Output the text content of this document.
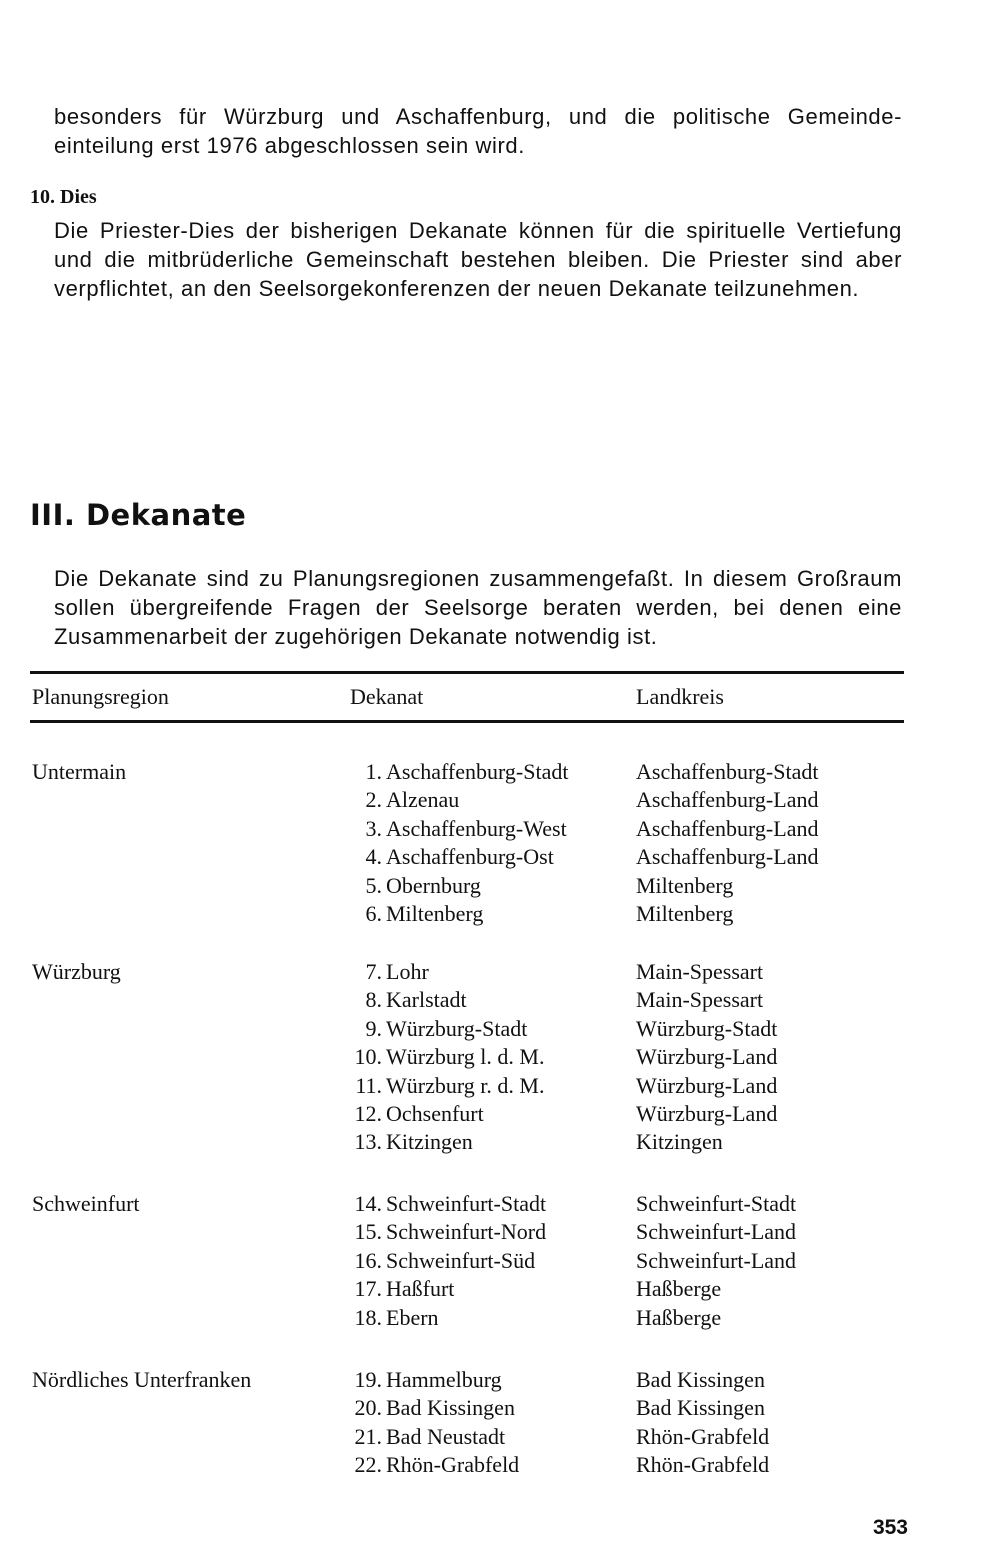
besonders für Würzburg und Aschaffenburg, und die politische Gemeinde-einteilung erst 1976 abgeschlossen sein wird.
10. Dies
Die Priester-Dies der bisherigen Dekanate können für die spirituelle Vertiefung und die mitbrüderliche Gemeinschaft bestehen bleiben. Die Priester sind aber verpflichtet, an den Seelsorgekonferenzen der neuen Dekanate teilzunehmen.
III. Dekanate
Die Dekanate sind zu Planungsregionen zusammengefaßt. In diesem Großraum sollen übergreifende Fragen der Seelsorge beraten werden, bei denen eine Zusammenarbeit der zugehörigen Dekanate notwendig ist.
Planungsregion	Dekanat	Landkreis
Untermain	1. Aschaffenburg-Stadt	Aschaffenburg-Stadt
2. Alzenau	Aschaffenburg-Land
3. Aschaffenburg-West	Aschaffenburg-Land
4. Aschaffenburg-Ost	Aschaffenburg-Land
5. Obernburg	Miltenberg
6. Miltenberg	Miltenberg
Würzburg	7. Lohr	Main-Spessart
8. Karlstadt	Main-Spessart
9. Würzburg-Stadt	Würzburg-Stadt
10. Würzburg l. d. M.	Würzburg-Land
11. Würzburg r. d. M.	Würzburg-Land
12. Ochsenfurt	Würzburg-Land
13. Kitzingen	Kitzingen
Schweinfurt	14. Schweinfurt-Stadt	Schweinfurt-Stadt
15. Schweinfurt-Nord	Schweinfurt-Land
16. Schweinfurt-Süd	Schweinfurt-Land
17. Haßfurt	Haßberge
18. Ebern	Haßberge
Nördliches Unterfranken	19. Hammelburg	Bad Kissingen
20. Bad Kissingen	Bad Kissingen
21. Bad Neustadt	Rhön-Grabfeld
22. Rhön-Grabfeld	Rhön-Grabfeld
353
